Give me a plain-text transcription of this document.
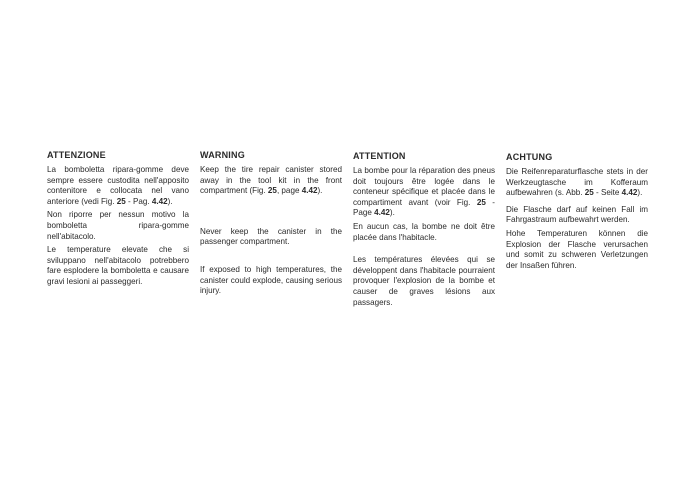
ATTENZIONE

La bomboletta ripara-gomme deve sempre essere custodita nell'apposito contenitore e collocata nel vano anteriore (vedi Fig. 25 - Pag. 4.42).

Non riporre per nessun motivo la bomboletta ripara-gomme nell'abitacolo.

Le temperature elevate che si sviluppano nell'abitacolo potrebbero fare esplodere la bomboletta e causare gravi lesioni ai passeggeri.

WARNING

Keep the tire repair canister stored away in the tool kit in the front compartment (Fig. 25, page 4.42).

Never keep the canister in the passenger compartment.

If exposed to high temperatures, the canister could explode, causing serious injury.

ATTENTION

La bombe pour la réparation des pneus doit toujours être logée dans le conteneur spécifique et placée dans le compartiment avant (voir Fig. 25 - Page 4.42).

En aucun cas, la bombe ne doit être placée dans l'habitacle.

Les températures élevées qui se développent dans l'habitacle pourraient provoquer l'explosion de la bombe et causer de graves lésions aux passagers.

ACHTUNG

Die Reifenreparaturflasche stets in der Werkzeugtasche im Kofferaum aufbewahren (s. Abb. 25 - Seite 4.42).

Die Flasche darf auf keinen Fall im Fahrgastraum aufbewahrt werden.

Hohe Temperaturen können die Explosion der Flasche verursachen und somit zu schweren Verletzungen der Insaßen führen.
